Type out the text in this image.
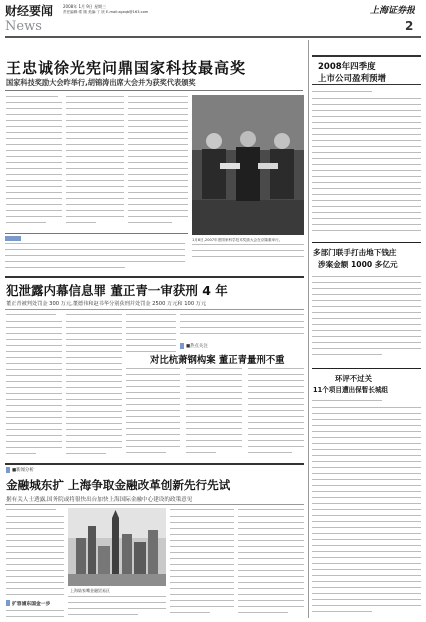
财经要闻 2008年 1月 9日 星期三
责任编辑:郑 刚 美编:丁 欣 E-mail:zgzqb@163.com	上海证券报
News	2
王忠诚徐光宪问鼎国家科技最高奖
国家科技奖励大会昨举行,胡锦涛出席大会并为获奖代表颁奖
1月8日,2007年度国家科学技术奖励大会在京隆重举行。
2008年四季度
上市公司盈利预增
多部门联手打击地下钱庄
涉案金额 1000 多亿元
环评不过关
11个项目遭出保暂长城组
犯泄露内幕信息罪 董正青一审获刑 4 年
董正青被判处罚金 300 万元,董德伟和赵书华分别获刑并处罚金 2500 万元和 100 万元
■热点关注
对比杭萧钢构案 董正青量刑不重
■新闻分析
金融城东扩 上海争取金融改革创新先行先试
据有关人士透露,国务院或将很快出台加快上海国际金融中心建设的政策意见
扩容浦东国金一步
上海陆家嘴金融贸易区
